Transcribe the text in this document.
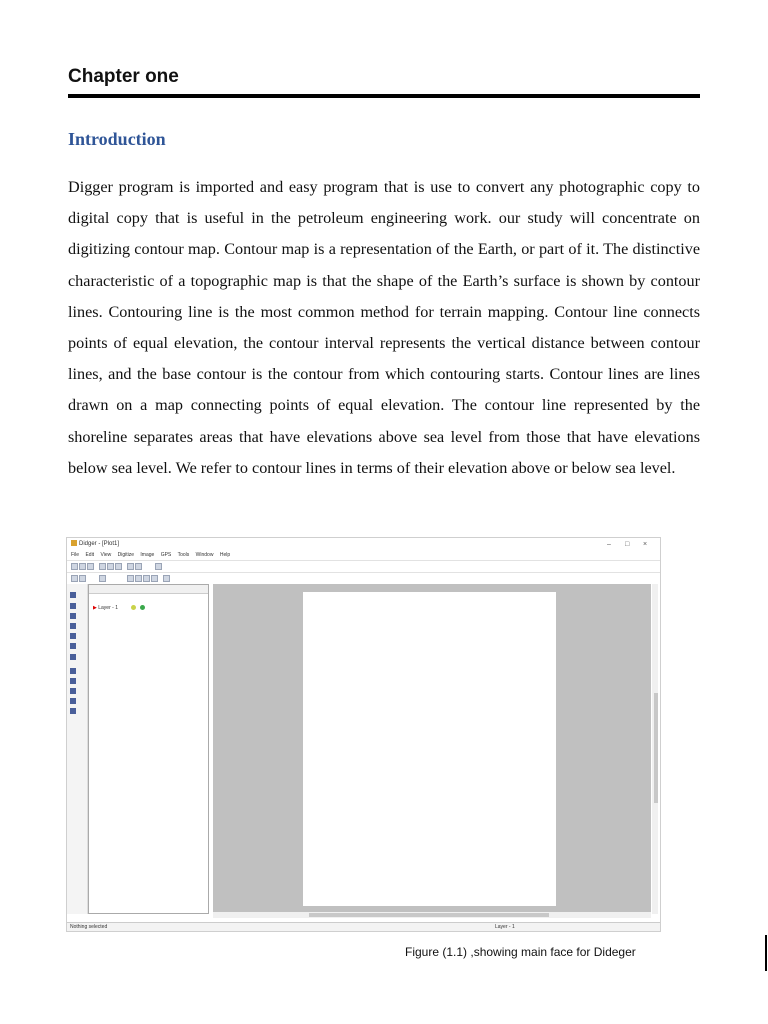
Chapter one
Introduction
Digger program is imported and easy program that is use to convert any photographic copy to digital copy that is useful in the petroleum engineering work. our study will concentrate on digitizing contour map. Contour map is a representation of the Earth, or part of it. The distinctive characteristic of a topographic map is that the shape of the Earth’s surface is shown by contour lines. Contouring line is the most common method for terrain mapping. Contour line connects points of equal elevation, the contour interval represents the vertical distance between contour lines, and the base contour is the contour from which contouring starts. Contour lines are lines drawn on a map connecting points of equal elevation. The contour line represented by the shoreline separates areas that have elevations above sea level from those that have elevations below sea level. We refer to contour lines in terms of their elevation above or below sea level.
Didger - [Plot1]	– □ ×
File Edit View Digitize Image GPS Tools Window Help
▶ Layer - 1
Nothing selected	Layer - 1
Figure (1.1) ,showing main face for Dideger
